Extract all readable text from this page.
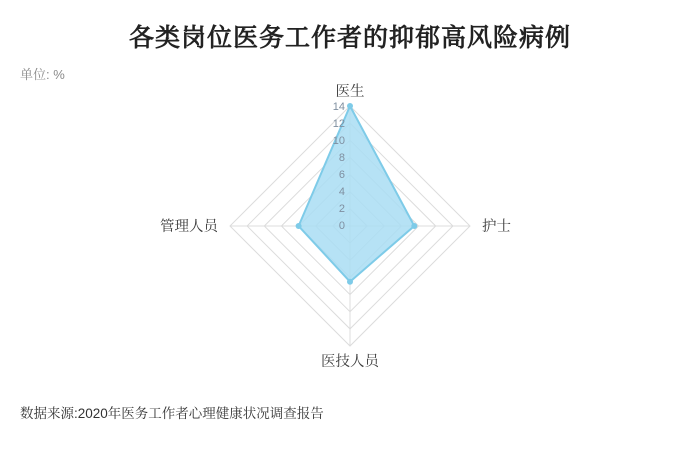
各类岗位医务工作者的抑郁高风险病例
单位: %
14
12
10
8
6
4
2
0
医生
护士
医技人员
管理人员
数据来源:2020年医务工作者心理健康状况调查报告
